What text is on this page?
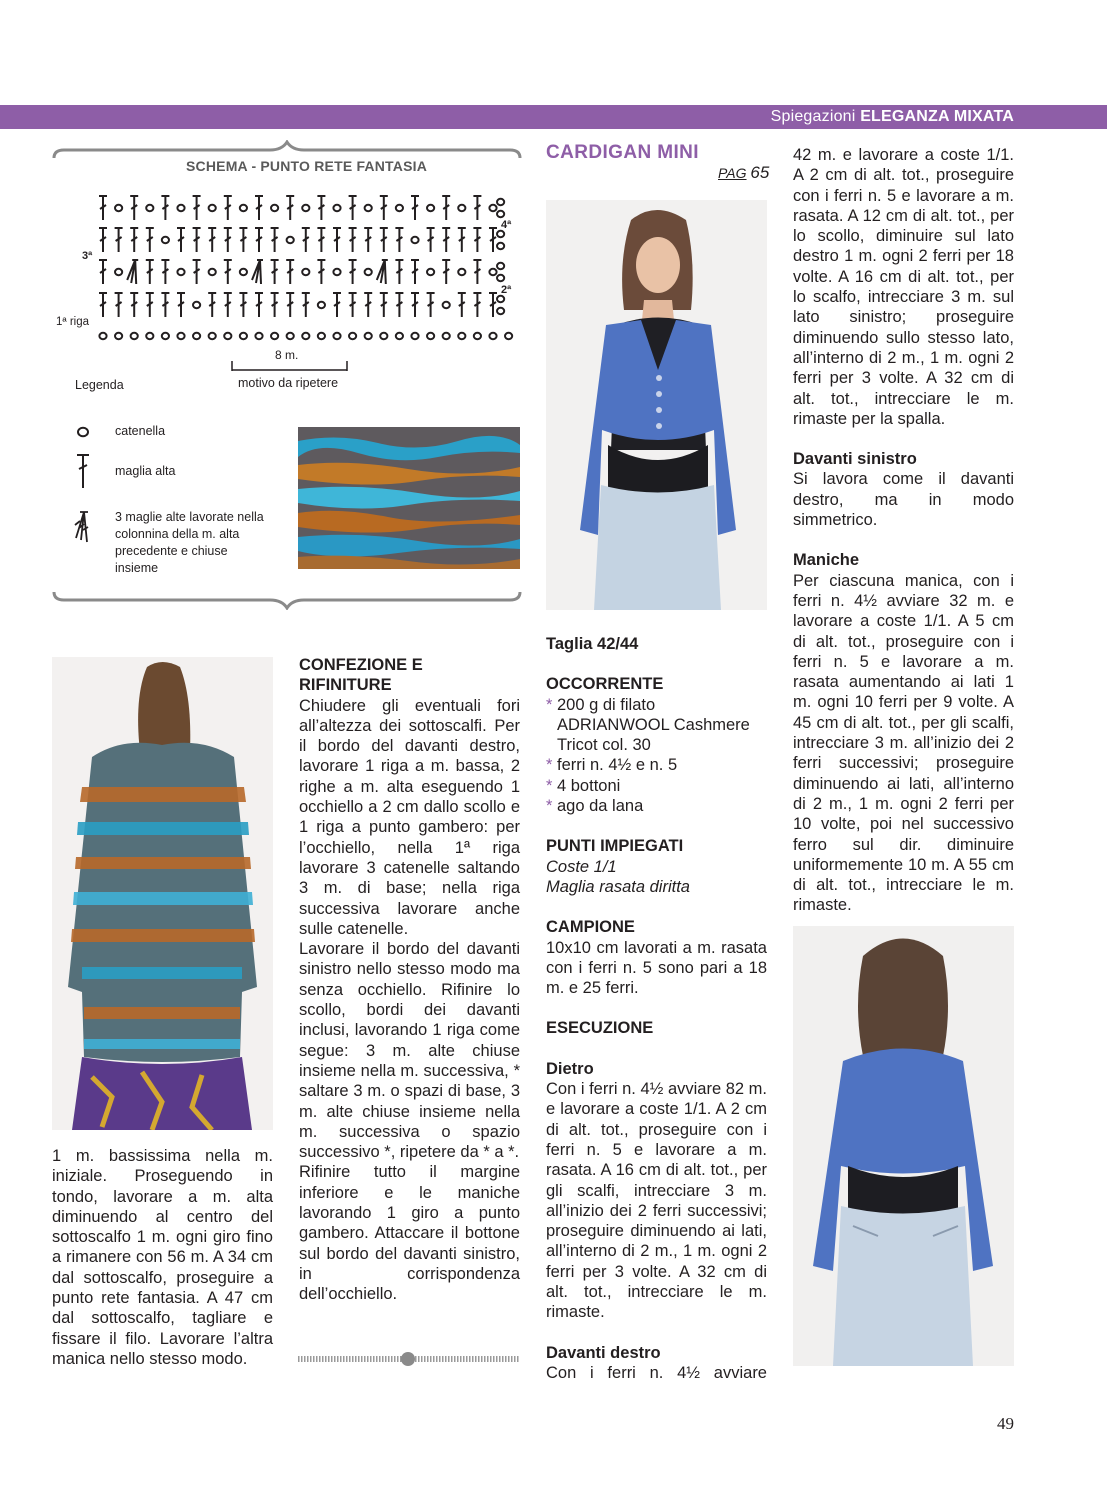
Spiegazioni ELEGANZA MIXATA
SCHEMA - PUNTO RETE FANTASIA
4ª
3ª
2ª
1ª riga
8 m.
motivo da ripetere
Legenda
catenella
maglia alta
3 maglie alte lavorate nella colonnina della m. alta precedente e chiuse insieme
1 m. bassissima nella m. iniziale. Proseguendo in tondo, lavorare a m. alta diminuendo al centro del sottoscalfo 1 m. ogni giro fino a rimanere con 56 m. A 34 cm dal sottoscalfo, proseguire a punto rete fantasia. A 47 cm dal sottoscalfo, tagliare e fissare il filo. Lavorare l’altra manica nello stesso modo.
CONFEZIONE E RIFINITURE

Chiudere gli eventuali fori all’altezza dei sottoscalfi. Per il bordo del davanti destro, lavorare 1 riga a m. bassa, 2 righe a m. alta eseguendo 1 occhiello a 2 cm dallo scollo e 1 riga a punto gambero: per l’occhiello, nella 1ª riga lavorare 3 catenelle saltando 3 m. di base; nella riga successiva lavorare anche sulle catenelle.

Lavorare il bordo del davanti sinistro nello stesso modo ma senza occhiello. Rifinire lo scollo, bordi dei davanti inclusi, lavorando 1 riga come segue: 3 m. alte chiuse insieme nella m. successiva, * saltare 3 m. o spazi di base, 3 m. alte chiuse insieme nella m. successiva o spazio successivo *, ripetere da * a *.

Rifinire tutto il margine inferiore e le maniche lavorando 1 giro a punto gambero. Attaccare il bottone sul bordo del davanti sinistro, in corrispondenza dell’occhiello.

CARDIGAN MINI
PAG 65
Taglia 42/44
OCCORRENTE
* 200 g di filato ADRIANWOOL Cashmere Tricot col. 30
* ferri n. 4½ e n. 5
* 4 bottoni
* ago da lana
PUNTI IMPIEGATI

Coste 1/1

Maglia rasata diritta

CAMPIONE

10x10 cm lavorati a m. rasata con i ferri n. 5 sono pari a 18 m. e 25 ferri.

ESECUZIONE
Dietro

Con i ferri n. 4½ avviare 82 m. e lavorare a coste 1/1. A 2 cm di alt. tot., proseguire con i ferri n. 5 e lavorare a m. rasata. A 16 cm di alt. tot., per gli scalfi, intrecciare 3 m. all’inizio dei 2 ferri successivi; proseguire diminuendo ai lati, all’interno di 2 m., 1 m. ogni 2 ferri per 3 volte. A 32 cm di alt. tot., intrecciare le m. rimaste.

Davanti destro

Con i ferri n. 4½ avviare

42 m. e lavorare a coste 1/1. A 2 cm di alt. tot., proseguire con i ferri n. 5 e lavorare a m. rasata. A 12 cm di alt. tot., per lo scollo, diminuire sul lato destro 1 m. ogni 2 ferri per 18 volte. A 16 cm di alt. tot., per lo scalfo, intrecciare 3 m. sul lato sinistro; proseguire diminuendo sullo stesso lato, all’interno di 2 m., 1 m. ogni 2 ferri per 3 volte. A 32 cm di alt. tot., intrecciare le m. rimaste per la spalla.

Davanti sinistro

Si lavora come il davanti destro, ma in modo simmetrico.

Maniche

Per ciascuna manica, con i ferri n. 4½ avviare 32 m. e lavorare a coste 1/1. A 5 cm di alt. tot., proseguire con i ferri n. 5 e lavorare a m. rasata aumentando ai lati 1 m. ogni 10 ferri per 9 volte. A 45 cm di alt. tot., per gli scalfi, intrecciare 3 m. all’inizio dei 2 ferri successivi; proseguire diminuendo ai lati, all’interno di 2 m., 1 m. ogni 2 ferri per 10 volte, poi nel successivo ferro sul dir. diminuire uniformemente 10 m. A 55 cm di alt. tot., intrecciare le m. rimaste.

49
